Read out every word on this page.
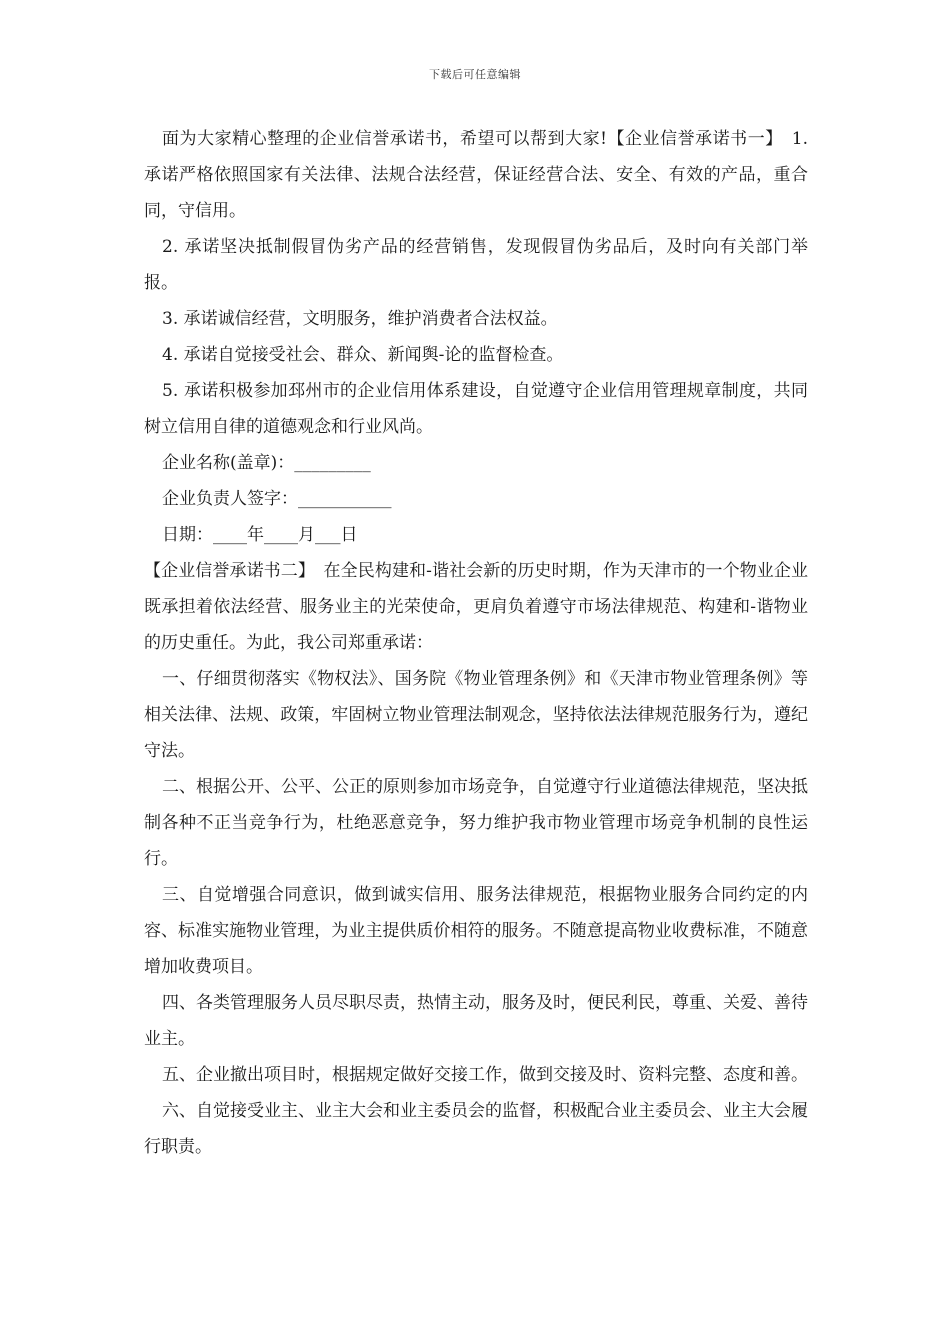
下载后可任意编辑

面为大家精心整理的企业信誉承诺书，希望可以帮到大家!【企业信誉承诺书一】　1. 承诺严格依照国家有关法律、法规合法经营，保证经营合法、安全、有效的产品，重合同，守信用。

2. 承诺坚决抵制假冒伪劣产品的经营销售，发现假冒伪劣品后，及时向有关部门举报。

3. 承诺诚信经营，文明服务，维护消费者合法权益。

4. 承诺自觉接受社会、群众、新闻舆-论的监督检查。

5. 承诺积极参加邳州市的企业信用体系建设，自觉遵守企业信用管理规章制度，共同树立信用自律的道德观念和行业风尚。

企业名称(盖章)：_________

企业负责人签字：___________

日期：____年____月___日

【企业信誉承诺书二】　在全民构建和-谐社会新的历史时期，作为天津市的一个物业企业既承担着依法经营、服务业主的光荣使命，更肩负着遵守市场法律规范、构建和-谐物业的历史重任。为此，我公司郑重承诺：

一、仔细贯彻落实《物权法》、国务院《物业管理条例》和《天津市物业管理条例》等相关法律、法规、政策，牢固树立物业管理法制观念，坚持依法法律规范服务行为，遵纪守法。

二、根据公开、公平、公正的原则参加市场竞争，自觉遵守行业道德法律规范，坚决抵制各种不正当竞争行为，杜绝恶意竞争，努力维护我市物业管理市场竞争机制的良性运行。

三、自觉增强合同意识，做到诚实信用、服务法律规范，根据物业服务合同约定的内容、标准实施物业管理，为业主提供质价相符的服务。不随意提高物业收费标准，不随意增加收费项目。

四、各类管理服务人员尽职尽责，热情主动，服务及时，便民利民，尊重、关爱、善待业主。

五、企业撤出项目时，根据规定做好交接工作，做到交接及时、资料完整、态度和善。

六、自觉接受业主、业主大会和业主委员会的监督，积极配合业主委员会、业主大会履行职责。
